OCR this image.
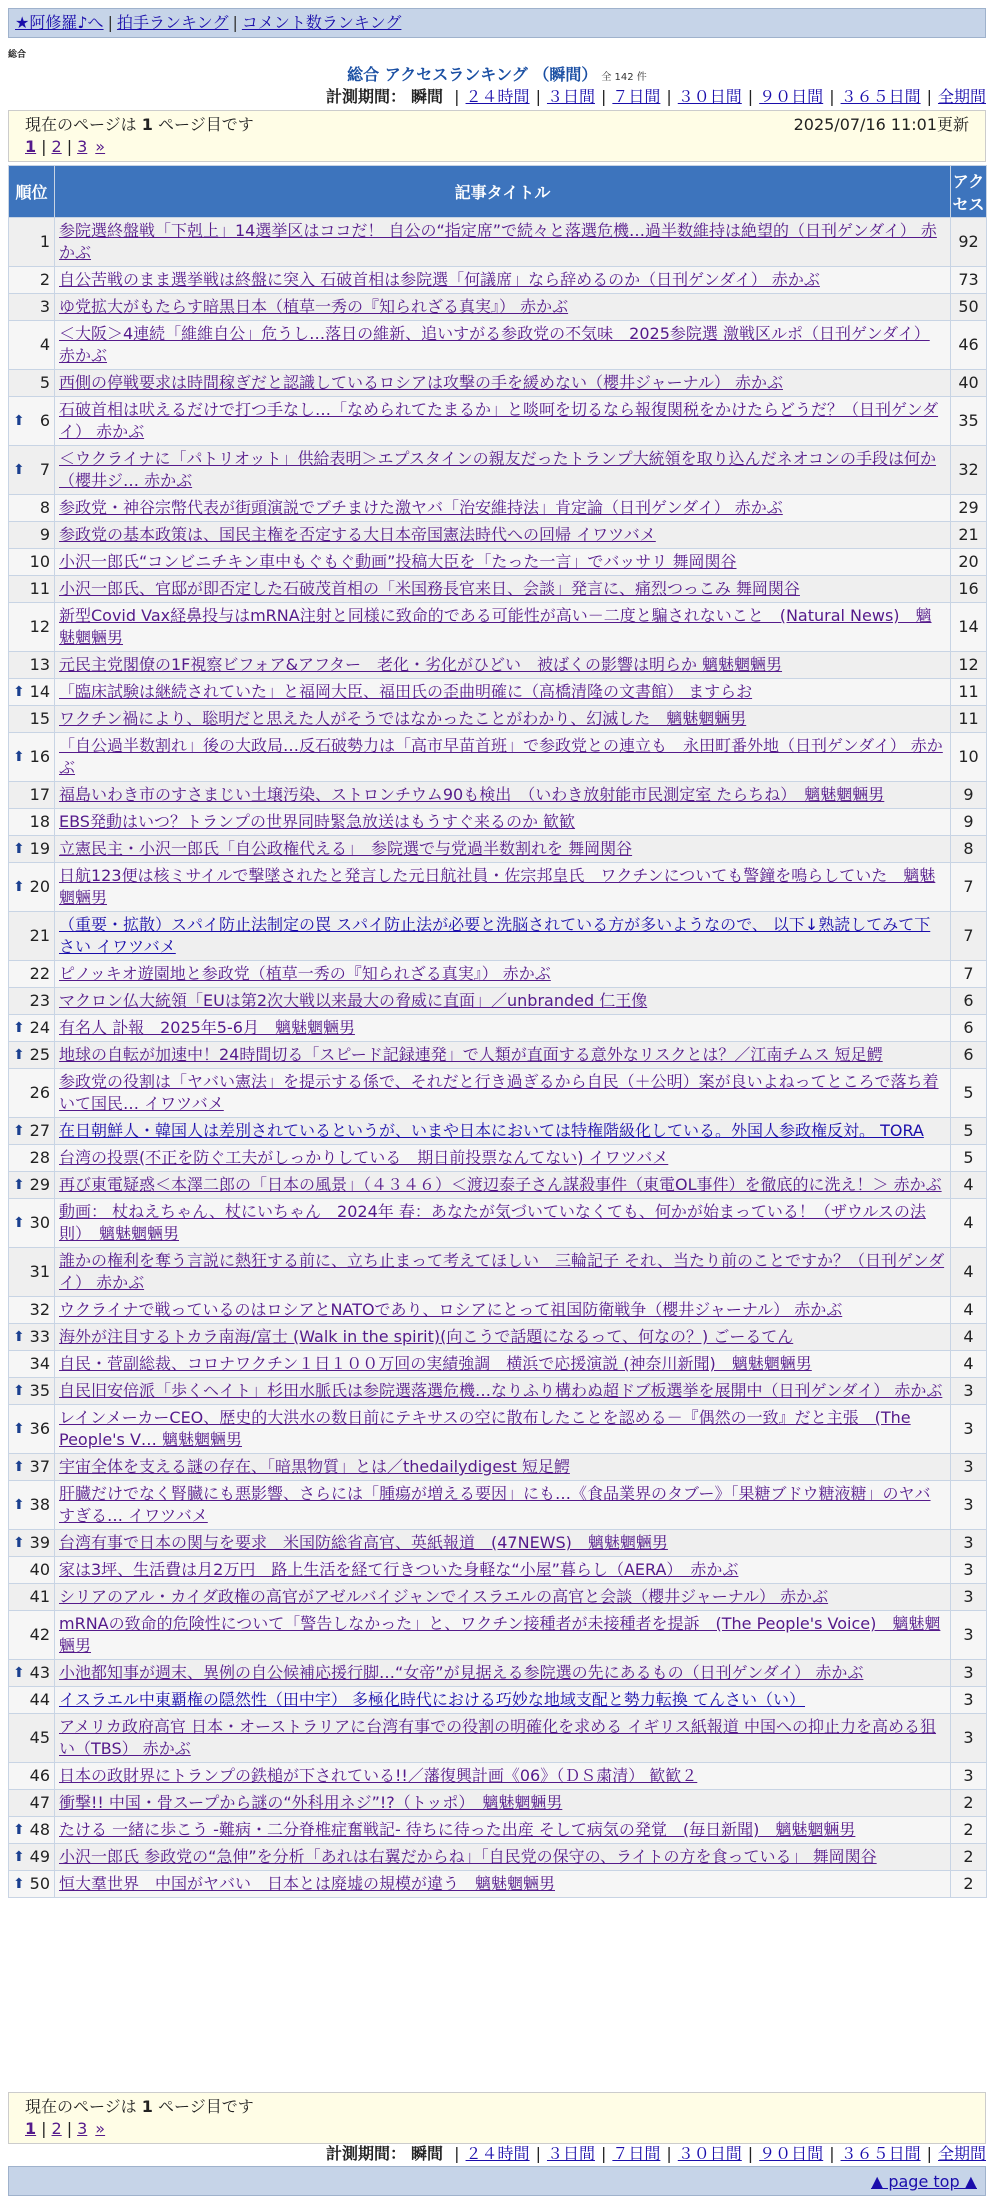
★阿修羅♪へ | 拍手ランキング | コメント数ランキング
総合
総合 アクセスランキング （瞬間） 全 142 件
計測期間： 瞬間 | ２４時間 | ３日間 | ７日間 | ３０日間 | ９０日間 | ３６５日間 | 全期間
現在のページは 1 ページ目です	2025/07/16 11:01更新
1 | 2 | 3 »
順位	記事タイトル	アクセス
1	参院選終盤戦「下剋上」14選挙区はココだ！ 自公の“指定席”で続々と落選危機…過半数維持は絶望的（日刊ゲンダイ） 赤かぶ	92
2	自公苦戦のまま選挙戦は終盤に突入 石破首相は参院選「何議席」なら辞めるのか（日刊ゲンダイ） 赤かぶ	73
3	ゆ党拡大がもたらす暗黒日本（植草一秀の『知られざる真実』） 赤かぶ	50
4	＜大阪＞4連続「維維自公」危うし…落日の維新、追いすがる参政党の不気味　2025参院選 激戦区ルポ（日刊ゲンダイ） 赤かぶ	46
5	西側の停戦要求は時間稼ぎだと認識しているロシアは攻撃の手を緩めない（櫻井ジャーナル） 赤かぶ	40

⬆ 6	石破首相は吠えるだけで打つ手なし…「なめられてたまるか」と啖呵を切るなら報復関税をかけたらどうだ？（日刊ゲンダイ） 赤かぶ	35

⬆ 7	＜ウクライナに「パトリオット」供給表明＞エプスタインの親友だったトランプ大統領を取り込んだネオコンの手段は何か（櫻井ジ… 赤かぶ	32
8	参政党・神谷宗幣代表が街頭演説でブチまけた激ヤバ「治安維持法」肯定論（日刊ゲンダイ） 赤かぶ	29
9	参政党の基本政策は、国民主権を否定する大日本帝国憲法時代への回帰 イワツバメ	21
10	小沢一郎氏“コンビニチキン車中もぐもぐ動画”投稿大臣を「たった一言」でバッサリ 舞岡関谷	20
11	小沢一郎氏、官邸が即否定した石破茂首相の「米国務長官来日、会談」発言に、痛烈つっこみ 舞岡関谷	16
12	新型Covid Vax経鼻投与はmRNA注射と同様に致命的である可能性が高い－二度と騙されないこと　(Natural News)　魑魅魍魎男	14
13	元民主党閣僚の1F視察ビフォア&アフター　老化・劣化がひどい　被ばくの影響は明らか 魑魅魍魎男	12

⬆ 14	「臨床試験は継続されていた」と福岡大臣、福田氏の歪曲明確に（高橋清隆の文書館） ますらお	11
15	ワクチン禍により、聡明だと思えた人がそうではなかったことがわかり、幻滅した　魑魅魍魎男	11

⬆ 16	「自公過半数割れ」後の大政局…反石破勢力は「高市早苗首班」で参政党との連立も　永田町番外地（日刊ゲンダイ） 赤かぶ	10
17	福島いわき市のすさまじい土壌汚染、ストロンチウム90も検出　（いわき放射能市民測定室 たらちね）　魑魅魍魎男	9
18	EBS発動はいつ？トランプの世界同時緊急放送はもうすぐ来るのか 歓歓	9

⬆ 19	立憲民主・小沢一郎氏「自公政権代える」　参院選で与党過半数割れを 舞岡関谷	8

⬆ 20	日航123便は核ミサイルで撃墜されたと発言した元日航社員・佐宗邦皇氏　ワクチンについても警鐘を鳴らしていた　魑魅魍魎男	7
21	（重要・拡散）スパイ防止法制定の罠 スパイ防止法が必要と洗脳されている方が多いようなので、 以下↓熟読してみて下さい イワツバメ	7
22	ピノッキオ遊園地と参政党（植草一秀の『知られざる真実』） 赤かぶ	7
23	マクロン仏大統領「EUは第2次大戦以来最大の脅威に直面」／unbranded 仁王像	6

⬆ 24	有名人 訃報　2025年5-6月　魑魅魍魎男	6

⬆ 25	地球の自転が加速中！24時間切る「スピード記録連発」で人類が直面する意外なリスクとは？／江南チムス 短足鰐	6
26	参政党の役割は「ヤバい憲法」を提示する係で、それだと行き過ぎるから自民（＋公明）案が良いよねってところで落ち着いて国民… イワツバメ	5

⬆ 27	在日朝鮮人・韓国人は差別されているというが、いまや日本においては特権階級化している。外国人参政権反対。 TORA	5
28	台湾の投票(不正を防ぐ工夫がしっかりしている　期日前投票なんてない) イワツバメ	5

⬆ 29	再び東電疑惑＜本澤二郎の「日本の風景」（４３４６）＜渡辺泰子さん謀殺事件（東電OL事件）を徹底的に洗え！＞ 赤かぶ	4

⬆ 30	動画： 杖ねえちゃん、杖にいちゃん　2024年 春：あなたが気づいていなくても、何かが始まっている！（ザウルスの法則）　魑魅魍魎男	4
31	誰かの権利を奪う言説に熱狂する前に、立ち止まって考えてほしい　三輪記子 それ、当たり前のことですか？（日刊ゲンダイ） 赤かぶ	4
32	ウクライナで戦っているのはロシアとNATOであり、ロシアにとって祖国防衛戦争（櫻井ジャーナル） 赤かぶ	4

⬆ 33	海外が注目するトカラ南海/富士 (Walk in the spirit)(向こうで話題になるって、何なの？) ごーるてん	4
34	自民・菅副総裁、コロナワクチン１日１００万回の実績強調　横浜で応援演説 (神奈川新聞)　魑魅魍魎男	4

⬆ 35	自民旧安倍派「歩くヘイト」杉田水脈氏は参院選落選危機…なりふり構わぬ超ドブ板選挙を展開中（日刊ゲンダイ） 赤かぶ	3

⬆ 36	レインメーカーCEO、歴史的大洪水の数日前にテキサスの空に散布したことを認める－『偶然の一致』だと主張　(The People's V… 魑魅魍魎男	3

⬆ 37	宇宙全体を支える謎の存在、「暗黒物質」とは／thedailydigest 短足鰐	3

⬆ 38	肝臓だけでなく腎臓にも悪影響、さらには「腫瘍が増える要因」にも…《食品業界のタブー》「果糖ブドウ糖液糖」のヤバすぎる… イワツバメ	3

⬆ 39	台湾有事で日本の関与を要求　米国防総省高官、英紙報道　(47NEWS)　魑魅魍魎男	3
40	家は3坪、生活費は月2万円　路上生活を経て行きついた身軽な“小屋”暮らし（AERA）　赤かぶ	3
41	シリアのアル・カイダ政権の高官がアゼルバイジャンでイスラエルの高官と会談（櫻井ジャーナル） 赤かぶ	3
42	mRNAの致命的危険性について「警告しなかった」と、ワクチン接種者が未接種者を提訴　(The People's Voice)　魑魅魍魎男	3

⬆ 43	小池都知事が週末、異例の自公候補応援行脚…“女帝”が見据える参院選の先にあるもの（日刊ゲンダイ） 赤かぶ	3
44	イスラエル中東覇権の隠然性（田中宇） 多極化時代における巧妙な地域支配と勢力転換 てんさい（い）	3
45	アメリカ政府高官 日本・オーストラリアに台湾有事での役割の明確化を求める イギリス紙報道 中国への抑止力を高める狙い（TBS） 赤かぶ	3
46	日本の政財界にトランプの鉄槌が下されている!!／藩復興計画《06》（ＤＳ粛清） 歓歓２	3
47	衝撃!! 中国・骨スープから謎の“外科用ネジ”!?（トッポ）　魑魅魍魎男	2

⬆ 48	たける 一緒に歩こう -難病・二分脊椎症奮戦記- 待ちに待った出産 そして病気の発覚　(毎日新聞)　魑魅魍魎男	2

⬆ 49	小沢一郎氏 参政党の“急伸”を分析「あれは右翼だからね」「自民党の保守の、ライトの方を食っている」 舞岡関谷	2

⬆ 50	恒大羣世界　中国がヤバい　日本とは廃墟の規模が違う　魑魅魍魎男	2
現在のページは 1 ページ目です
1 | 2 | 3 »
計測期間： 瞬間 | ２４時間 | ３日間 | ７日間 | ３０日間 | ９０日間 | ３６５日間 | 全期間
▲ page top ▲
